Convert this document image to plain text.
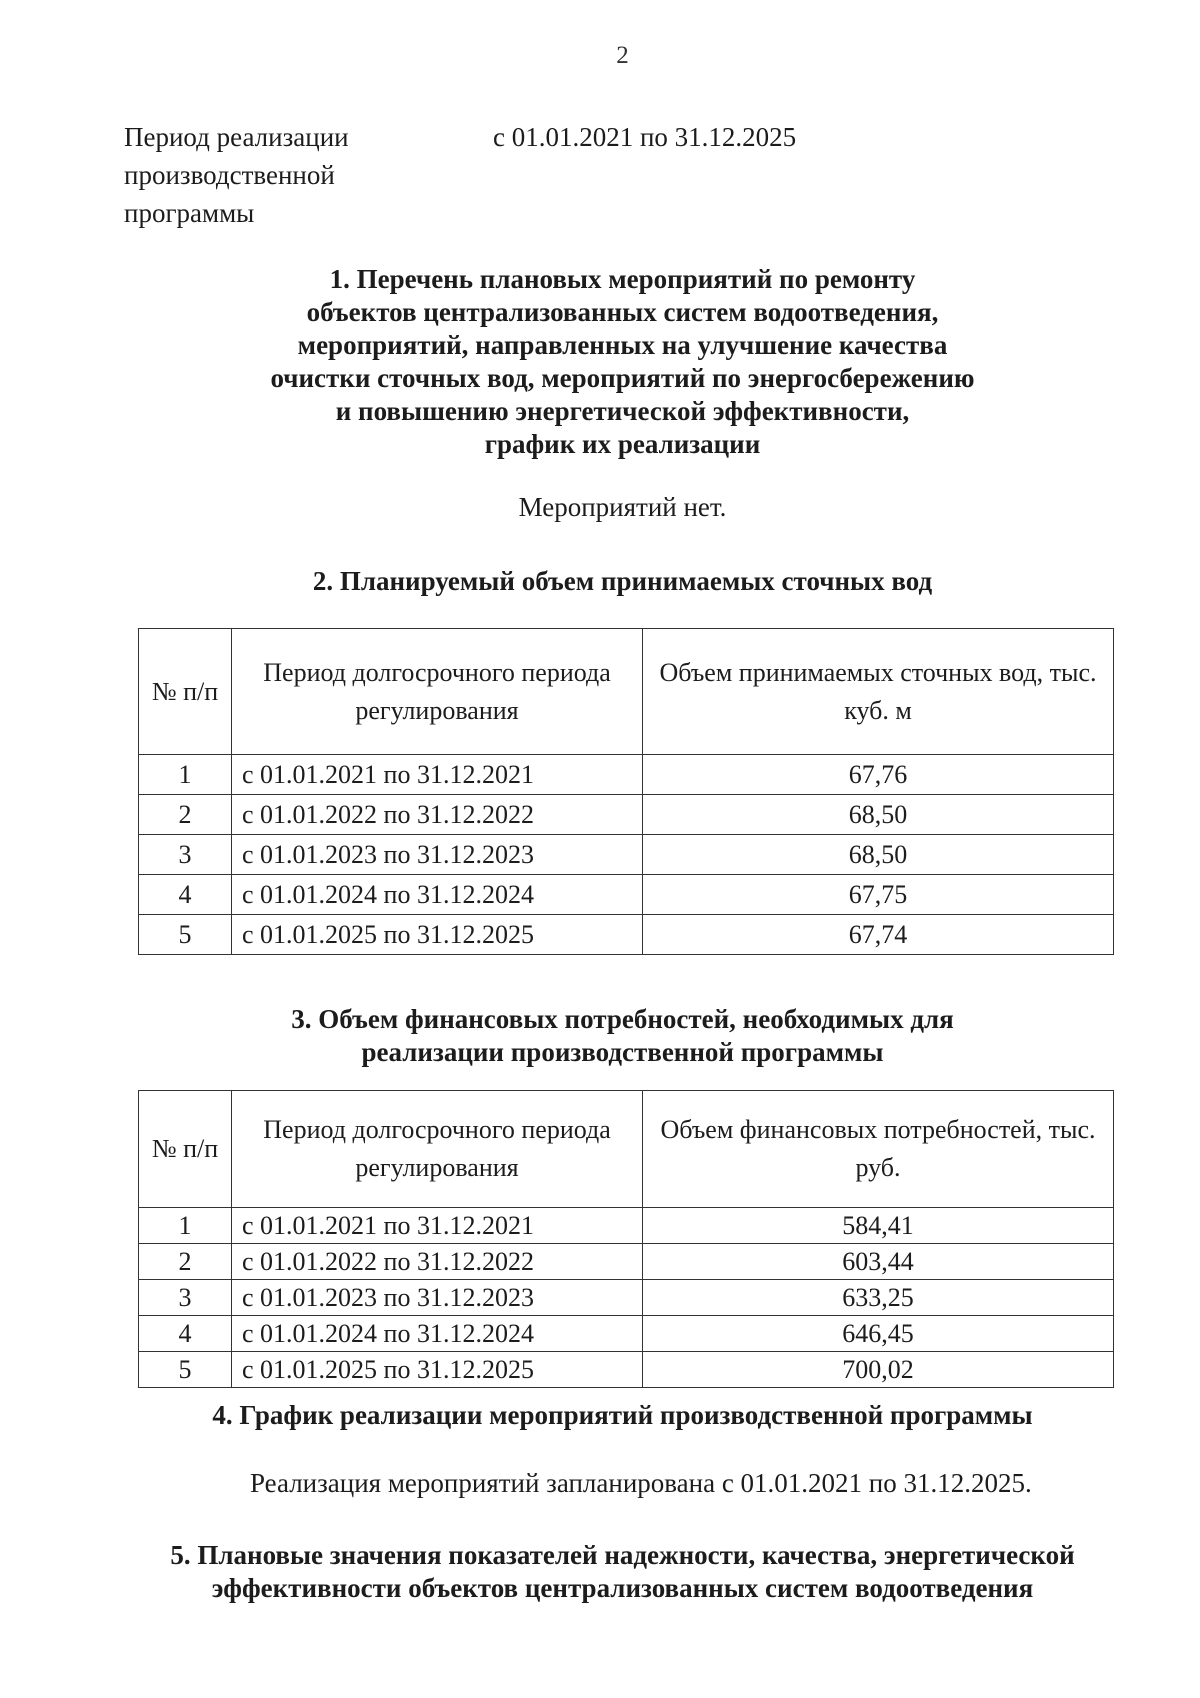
2
Период реализации производственной программы
с 01.01.2021 по 31.12.2025
1. Перечень плановых мероприятий по ремонту
объектов централизованных систем водоотведения,
мероприятий, направленных на улучшение качества
очистки сточных вод, мероприятий по энергосбережению
и повышению энергетической эффективности,
график их реализации
Мероприятий нет.
2. Планируемый объем принимаемых сточных вод
№ п/п	Период долгосрочного периода регулирования	Объем принимаемых сточных вод, тыс. куб. м
1	с 01.01.2021 по 31.12.2021	67,76
2	с 01.01.2022 по 31.12.2022	68,50
3	с 01.01.2023 по 31.12.2023	68,50
4	с 01.01.2024 по 31.12.2024	67,75
5	с 01.01.2025 по 31.12.2025	67,74
3. Объем финансовых потребностей, необходимых для
реализации производственной программы
№ п/п	Период долгосрочного периода регулирования	Объем финансовых потребностей, тыс. руб.
1	с 01.01.2021 по 31.12.2021	584,41
2	с 01.01.2022 по 31.12.2022	603,44
3	с 01.01.2023 по 31.12.2023	633,25
4	с 01.01.2024 по 31.12.2024	646,45
5	с 01.01.2025 по 31.12.2025	700,02
4. График реализации мероприятий производственной программы
Реализация мероприятий запланирована с 01.01.2021 по 31.12.2025.
5. Плановые значения показателей надежности, качества, энергетической
эффективности объектов централизованных систем водоотведения
